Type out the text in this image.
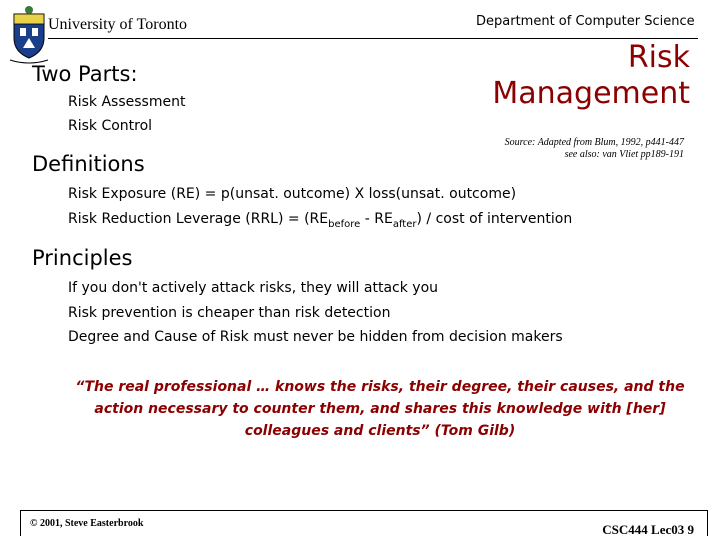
University of Toronto	Department of Computer Science
Risk
Management
Source: Adapted from Blum, 1992, p441-447
see also: van Vliet pp189-191
Two Parts:
Risk Assessment
Risk Control
Definitions
Risk Exposure (RE) = p(unsat. outcome) X loss(unsat. outcome)
Risk Reduction Leverage $(RRL) = (RE_{before} - RE_{after}) / \cos t$ of intervention
Principles
If you don't actively attack risks, they will attack you
Risk prevention is cheaper than risk detection
Degree and Cause of Risk must never be hidden from decision makers
“The real professional … knows the risks, their degree, their causes, and the
action necessary to counter them, and shares this knowledge with [her]
colleagues and clients” (Tom Gilb)
© 2001, Steve Easterbrook	CSC444 Lec03 9
